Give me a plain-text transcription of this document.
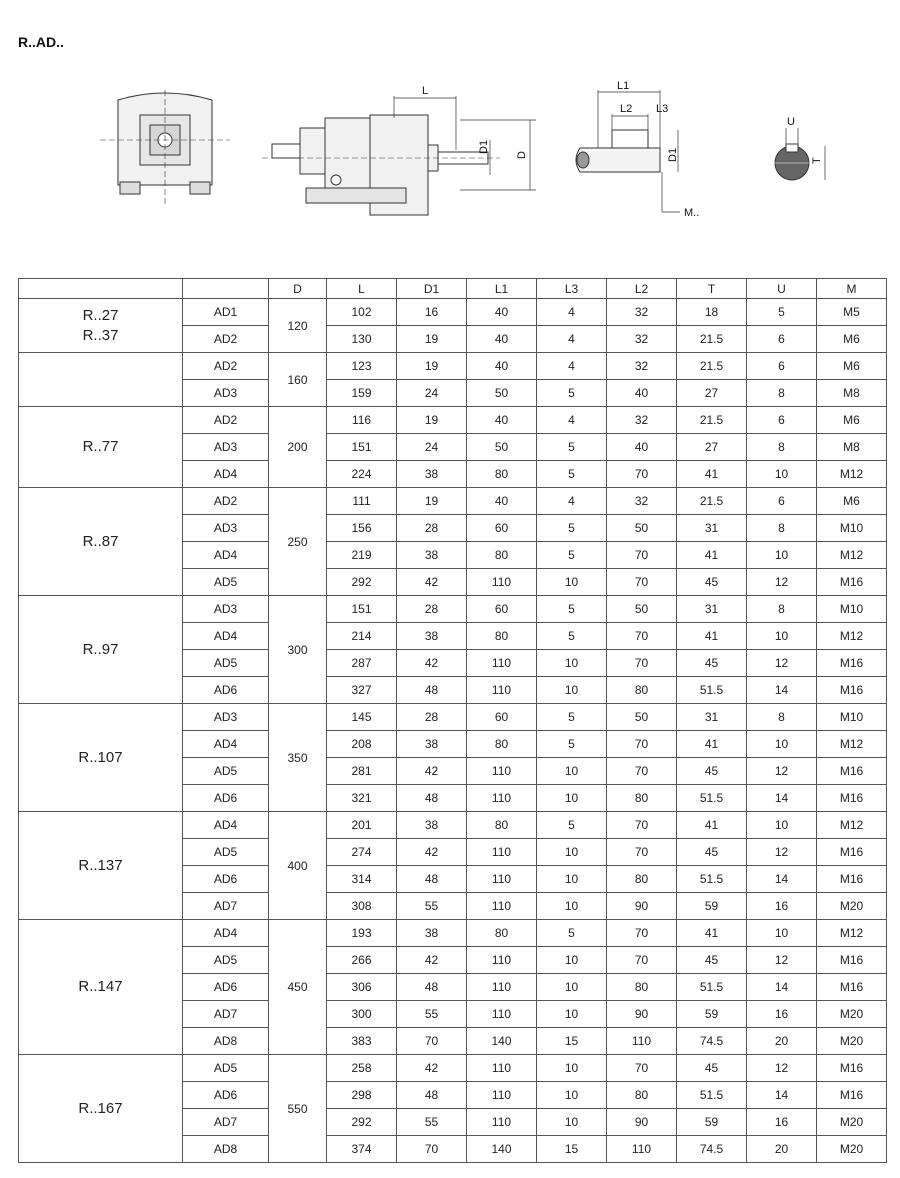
R..AD..
L
D1
D
L1
L2 L3
D1
M..
U
T
		D	L	D1	L1	L3	L2	T	U	M

R..27
R..37	AD1	120	102	16	40	4	32	18	5	M5
	AD2		130	19	40	4	32	21.5	6	M6
	AD2	160	123	19	40	4	32	21.5	6	M6
	AD3		159	24	50	5	40	27	8	M8

R..77	AD2	200	116	19	40	4	32	21.5	6	M6
	AD3		151	24	50	5	40	27	8	M8
	AD4		224	38	80	5	70	41	10	M12

R..87	AD2	250	111	19	40	4	32	21.5	6	M6
	AD3		156	28	60	5	50	31	8	M10
	AD4		219	38	80	5	70	41	10	M12
	AD5		292	42	110	10	70	45	12	M16

R..97	AD3	300	151	28	60	5	50	31	8	M10
	AD4		214	38	80	5	70	41	10	M12
	AD5		287	42	110	10	70	45	12	M16
	AD6		327	48	110	10	80	51.5	14	M16

R..107	AD3	350	145	28	60	5	50	31	8	M10
	AD4		208	38	80	5	70	41	10	M12
	AD5		281	42	110	10	70	45	12	M16
	AD6		321	48	110	10	80	51.5	14	M16

R..137	AD4	400	201	38	80	5	70	41	10	M12
	AD5		274	42	110	10	70	45	12	M16
	AD6		314	48	110	10	80	51.5	14	M16
	AD7		308	55	110	10	90	59	16	M20

R..147	AD4	450	193	38	80	5	70	41	10	M12
	AD5		266	42	110	10	70	45	12	M16
	AD6		306	48	110	10	80	51.5	14	M16
	AD7		300	55	110	10	90	59	16	M20
	AD8		383	70	140	15	110	74.5	20	M20

R..167	AD5	550	258	42	110	10	70	45	12	M16
	AD6		298	48	110	10	80	51.5	14	M16
	AD7		292	55	110	10	90	59	16	M20
	AD8		374	70	140	15	110	74.5	20	M20
